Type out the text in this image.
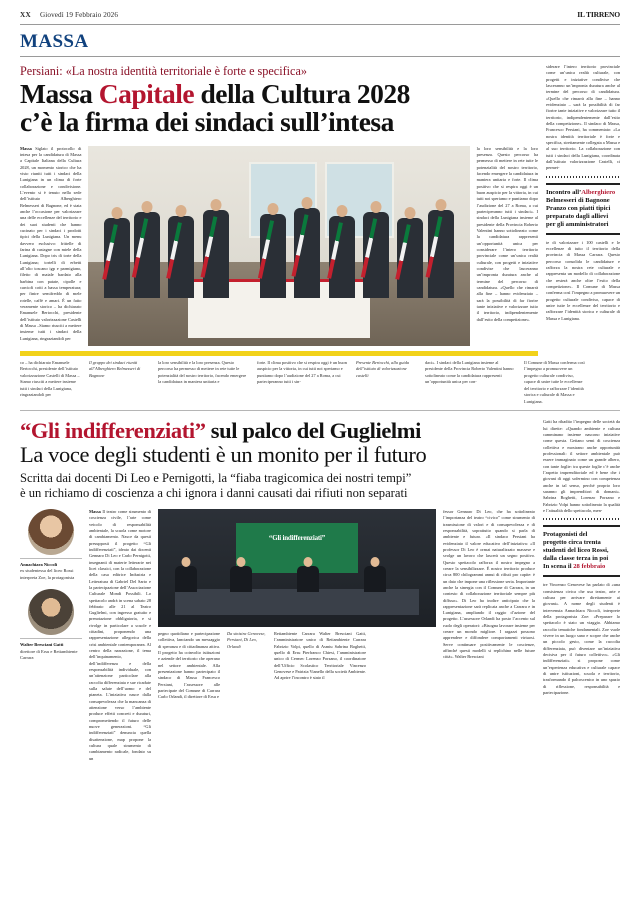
XX Giovedì 19 Febbraio 2026	IL TIRRENO
MASSA
Persiani: «La nostra identità territoriale è forte e specifica»
Massa Capitale della Cultura 2028
c’è la firma dei sindaci sull’intesa

Massa Siglato il protocollo di intesa per la candidatura di Massa a Capitale Italiana della Cultura 2028, un momento storico che ha visto riuniti tutti i sindaci della Lunigiana in un clima di forte collaborazione e condivisione. L’evento si è tenuto nella sede dell’istituto Alberghiero Belmesseri di Bagnone, ed è stata anche l’occasione per valorizzare una delle eccellenze del territorio e dei suoi studenti che hanno cucinato per i sindaci i prodotti tipici della Lunigiana. Un menu davvero esclusivo: frittelle di farina di castagne con miele della Lunigiana. Dopo tris di torte della Lunigiana; tortelli di erbetti all’olio toscano igp e parmigiano, filetto di maiale bardato alla barbina con patate, cipolle e carciofi cotti a bassa temperatura; per finire semifreddo di mele rotelle, caffè e amari. È un fatto veramente storico – ha dichiarato Emanuele Bertocchi, presidente dell’istituto valorizzazione Castelli di Massa –Siamo riusciti a mettere insieme tutti i sindaci della Lunigiana, ringraziandoli per

la loro sensibilità e la loro presenza. Questo percorso ha permesso di mettere in rete tutte le potenzialità del nostro territorio, facendo emergere la candidatura in maniera unitaria e forte. Il clima positivo che si respira oggi è un buon auspicio per la vittoria, in cui tutti noi speriamo e puntiamo dopo l’audizione del 27 a Roma, a cui parteciperanno tutti i sindaci». I sindaci della Lunigiana insieme al presidente della Provincia Roberto Valentini hanno sottolineato come la candidatura rappresenti un’opportunità unica per considerare l’intero territorio provinciale come un’unica realtà culturale, con progetti e iniziative condivise che lasceranno un’impronta duratura anche al termine del percorso di candidatura. «Quello che rimarrà alla fine – hanno evidenziato – sarà la possibilità di far fiorire tante iniziative e valorizzare tutto il territorio, indipendentemente dall’esito della competizione».

siderare l’intero territorio provinciale come un’unica realtà culturale, con progetti e iniziative condivise che lasceranno un’impronta duratura anche al termine del percorso di candidatura. «Quello che rimarrà alla fine – hanno evidenziato – sarà la possibilità di far fiorire tante iniziative e valorizzare tutto il territorio, indipendentemente dall’esito della competizione». Il sindaco di Massa, Francesco Persiani, ha commentato: «La nostra identità territoriale è forte e specifica, strettamente collegata a Massa e al suo territorio. La collaborazione con tutti i sindaci della Lunigiana, coordinata dall’istituto valorizzazione Castelli, ci permet-
Incontro all’Alberghiero
Belmesseri di Bagnone
Pranzo con piatti tipici
preparato dagli allievi
per gli amministratori
te di valorizzare i 100 castelli e le eccellenze di tutto il territorio della provincia di Massa Carrara. Questo percorso consolida le candidature e rafforza la nostra rete culturale e rappresenta un modello di collaborazione che resterà anche oltre l’esito della competizione». Il Comune di Massa conferma così l’impegno a promuovere un progetto culturale condiviso, capace di unire tutte le eccellenze del territorio e rafforzare l’identità storica e culturale di Massa e Lunigiana.
co – ha dichiarato Emanuele Bertocchi, presidente dell’istituto valorizzazione Castelli di Massa – Siamo riusciti a mettere insieme tutti i sindaci della Lunigiana, ringraziandoli per
Il gruppo dei sindaci riuniti all’Alberghiero Belmesseri di Bagnone
la loro sensibilità e la loro presenza. Questo percorso ha permesso di mettere in rete tutte le potenzialità del nostro territorio, facendo emergere la candidatura in maniera unitaria e
forte. Il clima positivo che si respira oggi è un buon auspicio per la vittoria, in cui tutti noi speriamo e puntiamo dopo l’audizione del 27 a Roma, a cui parteciperanno tutti i sin-
Presente Bertocchi, alla guida dell’istituto di valorizzazione castelli
daci». I sindaci della Lunigiana insieme al presidente della Provincia Roberto Valentini hanno sottolineato come la candidatura rappresenti un’opportunità unica per con-
Il Comune di Massa conferma così l’impegno a promuovere un progetto culturale condiviso, capace di unire tutte le eccellenze del territorio e rafforzare l’identità storica e culturale di Massa e Lunigiana.
“Gli indifferenziati” sul palco del Guglielmi
La voce degli studenti è un monito per il futuro
Scritta dai docenti Di Leo e Pernigotti, la “fiaba tragicomica dei nostri tempi”
è un richiamo di coscienza a chi ignora i danni causati dai rifiuti non separati
Annachiara Niccoli
ex studentessa del liceo Rossi interpreta Zoe, la protagonista
Walter Bresciani Gatti
direttore di Ersu e Retiambiente Carrara

Massa Il teatro come strumento di coscienza civile, l’arte come veicolo di responsabilità ambientale, la scuola come motore di cambiamento. Nasce da questi presupposti il progetto “Gli indifferenziati”, ideato dai docenti Gennaro Di Leo e Carlo Pernigotti, insegnanti di materie letterarie nei licei classici, con la collaborazione della casa editrice Industria e Letteratura di Gabriel Del Sarto e la partecipazione dell’Associazione Culturale Mondi Possibili. Lo spettacolo andrà in scena sabato 28 febbraio alle 21 al Teatro Guglielmi, con ingresso gratuito e prenotazione obbligatoria, e si rivolge in particolare a scuole e cittadini, proponendo una rappresentazione allegorica della crisi ambientale contemporanea. Al centro della narrazione, il tema dell’inquinamento, dell’indifferenza e della responsabilità individuale, con un’attenzione particolare alla raccolta differenziata e sue ricadute sulla salute dell’uomo e del pianeta. L’iniziativa nasce dalla consapevolezza che la mancanza di attenzione verso l’ambiente produce effetti concreti e duraturi, compromettendo il futuro delle nuove generazioni. “Gli indifferenziati” denuncia quella disattenzione, map propone la cultura quale strumento di cambiamento radicale, fondato su un

“Gli indifferenziati”
pegno quotidiano e partecipazione collettiva, lanciando un messaggio di speranza e di cittadinanza attiva. Il progetto ha coinvolto istituzioni e aziende del territorio che operano nel settore ambientale. Alla presentazione hanno partecipato il sindaco di Massa Francesco Persiani, l’assessore alle partecipate del Comune di Carrara Carlo Orlandi, il direttore di Ersu e
Da sinistra Genovese, Persiani, Di Leo, Orlandi
Retiambiente Carrara Walter Bresciani Gatti, l’amministratore unico di Retiambiente Carrara Fabrizio Volpi, quello di Asmiu Sabrina Boghetti, quello di Ersu Pierfranco Chiesi, l’amministratore unico di Cermec Lorenzo Porzano, il coordinatore dell’Ufficio Scolastico Territoriale Vincenzo Genovese e Patrizia Vianello della società Ambiente. Ad aprire l’incontro è stato il
fessor Gennaro Di Leo, che ha sottolineato l’importanza del teatro “civico” come strumento di trasmissione di valori e di consapevolezza e di responsabilità, soprattutto quando si parla di ambiente e futuro. «Il sindaco Persiani ha evidenziato il valore educativo dell’iniziativa: «Il professor Di Leo è ormai naturalizzato massese e svolge un lavoro che lascerà un segno positivo. Questo spettacolo rafforza il nostro impegno a creare la sensibilizzare. È nostro territorio produce circa 800 chilogrammi annui di rifiuti pro capite: è un dato che impone una riflessione seria. Importante anche la sinergia con il Comune di Carrara, in un contesto di collaborazione territoriale sempre più diffuso». Di Leo ha inoltre anticipato che la rappresentazione sarà replicata anche a Carrara e in Lunigiana, ampliando il raggio d’azione del progetto. L’assessore Orlandi ha posto l’accento sul ruolo degli operatori: «Bisogna lavorare insieme per creare un mondo migliore. I ragazzi possono apprendere e diffondere comportamenti virtuosi. Serve continuare positivamente le coscienze, affinché questi modelli si replichino nelle future città». Walter Bresciani
Gatti ha ribadito l’impegno delle società da lui dirette: «Quando ambiente e cultura camminano insieme nascono iniziative come questa. Gettano semi di coscienza collettiva e mostrano anche opportunità professionali: il settore ambientale può essere immaginato come un grande albero, con tante foglie: tra queste foglie c’è anche l’aspetto imprenditoriale ed è bene che i giovani di oggi sofermino con competenza anche in tal senso, perché proprio loro saranno gli imprenditori di domani». Sabrina Boghetti, Lorenzo Porzano e Fabrizio Volpi hanno sottolineato la qualità e l’attualità dello spettacolo, men-
Protagonisti del
progetto circa trenta
studenti del liceo Rossi,
dalla classe terza in poi
In scena il 28 febbraio
tre Vincenzo Genovese ha parlato di «una consistenza civica che usa teatro, arte e cultura per arrivare direttamente ai giovani». A nome degli studenti è intervenuta Annachiara Niccoli, interprete della protagonista Zoe: «Preparare lo spettacolo è stato un viaggio. Abbiamo raccolto tematiche fondamentali. Zoe vuole vivere in un luogo sano e scopre che anche un piccolo gesto, come la raccolta differenziata, può diventare un’iniziativa decisiva per il futuro collettivo». «Gli indifferenziati» si propone come un’esperienza educativa e culturale capace di unire istituzioni, scuola e territorio, trasformando il palcoscenico in uno spazio di riflessione, responsabilità e partecipazione.
